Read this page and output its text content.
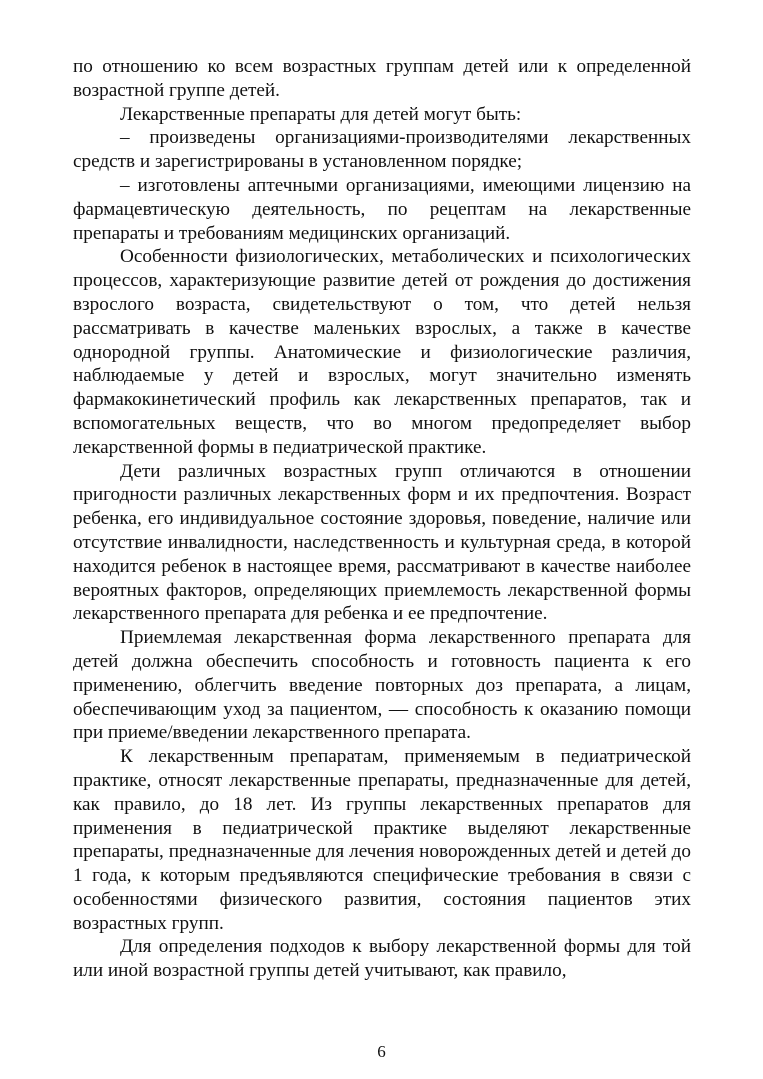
по отношению ко всем возрастных группам детей или к определенной возрастной группе детей.

Лекарственные препараты для детей могут быть:

– произведены организациями-производителями лекарственных средств и зарегистрированы в установленном порядке;

– изготовлены аптечными организациями, имеющими лицензию на фармацевтическую деятельность, по рецептам на лекарственные препараты и требованиям медицинских организаций.

Особенности физиологических, метаболических и психологических процессов, характеризующие развитие детей от рождения до достижения взрослого возраста, свидетельствуют о том, что детей нельзя рассматривать в качестве маленьких взрослых, а также в качестве однородной группы. Анатомические и физиологические различия, наблюдаемые у детей и взрослых, могут значительно изменять фармакокинетический профиль как лекарственных препаратов, так и вспомогательных веществ, что во многом предопределяет выбор лекарственной формы в педиатрической практике.

Дети различных возрастных групп отличаются в отношении пригодности различных лекарственных форм и их предпочтения. Возраст ребенка, его индивидуальное состояние здоровья, поведение, наличие или отсутствие инвалидности, наследственность и культурная среда, в которой находится ребенок в настоящее время, рассматривают в качестве наиболее вероятных факторов, определяющих приемлемость лекарственной формы лекарственного препарата для ребенка и ее предпочтение.

Приемлемая лекарственная форма лекарственного препарата для детей должна обеспечить способность и готовность пациента к его применению, облегчить введение повторных доз препарата, а лицам, обеспечивающим уход за пациентом, — способность к оказанию помощи при приеме/введении лекарственного препарата.

К лекарственным препаратам, применяемым в педиатрической практике, относят лекарственные препараты, предназначенные для детей, как правило, до 18 лет. Из группы лекарственных препаратов для применения в педиатрической практике выделяют лекарственные препараты, предназначенные для лечения новорожденных детей и детей до 1 года, к которым предъявляются специфические требования в связи с особенностями физического развития, состояния пациентов этих возрастных групп.

Для определения подходов к выбору лекарственной формы для той или иной возрастной группы детей учитывают, как правило,

6
